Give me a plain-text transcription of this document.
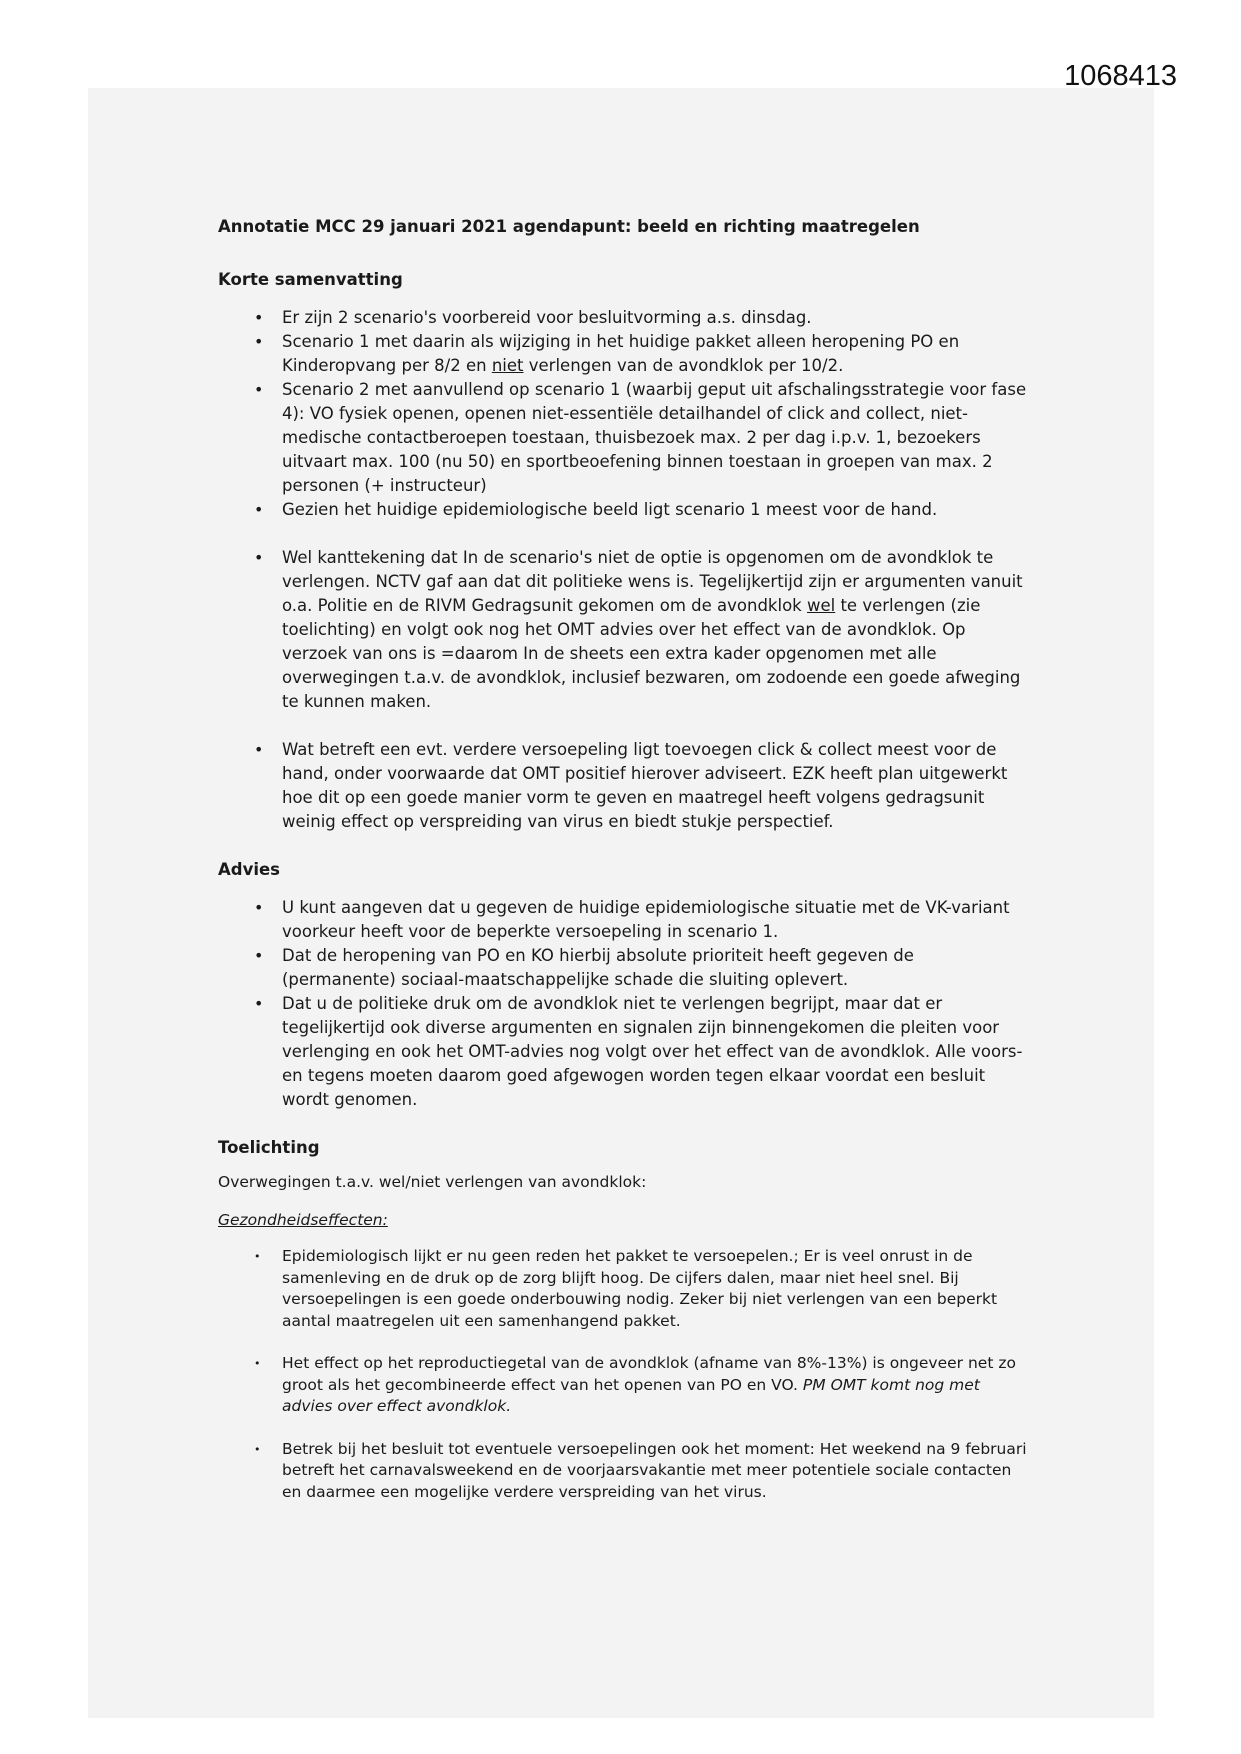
1068413
Annotatie MCC 29 januari 2021 agendapunt: beeld en richting maatregelen
Korte samenvatting
• Er zijn 2 scenario's voorbereid voor besluitvorming a.s. dinsdag.
• Scenario 1 met daarin als wijziging in het huidige pakket alleen heropening PO en Kinderopvang per 8/2 en niet verlengen van de avondklok per 10/2.
• Scenario 2 met aanvullend op scenario 1 (waarbij geput uit afschalingsstrategie voor fase 4): VO fysiek openen, openen niet-essentiële detailhandel of click and collect, niet-medische contactberoepen toestaan, thuisbezoek max. 2 per dag i.p.v. 1, bezoekers uitvaart max. 100 (nu 50) en sportbeoefening binnen toestaan in groepen van max. 2 personen (+ instructeur)
• Gezien het huidige epidemiologische beeld ligt scenario 1 meest voor de hand.
• Wel kanttekening dat In de scenario's niet de optie is opgenomen om de avondklok te verlengen. NCTV gaf aan dat dit politieke wens is. Tegelijkertijd zijn er argumenten vanuit o.a. Politie en de RIVM Gedragsunit gekomen om de avondklok wel te verlengen (zie toelichting) en volgt ook nog het OMT advies over het effect van de avondklok. Op verzoek van ons is =daarom In de sheets een extra kader opgenomen met alle overwegingen t.a.v. de avondklok, inclusief bezwaren, om zodoende een goede afweging te kunnen maken.
• Wat betreft een evt. verdere versoepeling ligt toevoegen click & collect meest voor de hand, onder voorwaarde dat OMT positief hierover adviseert. EZK heeft plan uitgewerkt hoe dit op een goede manier vorm te geven en maatregel heeft volgens gedragsunit weinig effect op verspreiding van virus en biedt stukje perspectief.
Advies
• U kunt aangeven dat u gegeven de huidige epidemiologische situatie met de VK-variant voorkeur heeft voor de beperkte versoepeling in scenario 1.
• Dat de heropening van PO en KO hierbij absolute prioriteit heeft gegeven de (permanente) sociaal-maatschappelijke schade die sluiting oplevert.
• Dat u de politieke druk om de avondklok niet te verlengen begrijpt, maar dat er tegelijkertijd ook diverse argumenten en signalen zijn binnengekomen die pleiten voor verlenging en ook het OMT-advies nog volgt over het effect van de avondklok. Alle voors- en tegens moeten daarom goed afgewogen worden tegen elkaar voordat een besluit wordt genomen.
Toelichting
Overwegingen t.a.v. wel/niet verlengen van avondklok:
Gezondheidseffecten:
• Epidemiologisch lijkt er nu geen reden het pakket te versoepelen.; Er is veel onrust in de samenleving en de druk op de zorg blijft hoog. De cijfers dalen, maar niet heel snel. Bij versoepelingen is een goede onderbouwing nodig. Zeker bij niet verlengen van een beperkt aantal maatregelen uit een samenhangend pakket.
• Het effect op het reproductiegetal van de avondklok (afname van 8%-13%) is ongeveer net zo groot als het gecombineerde effect van het openen van PO en VO. PM OMT komt nog met advies over effect avondklok.
• Betrek bij het besluit tot eventuele versoepelingen ook het moment: Het weekend na 9 februari betreft het carnavalsweekend en de voorjaarsvakantie met meer potentiele sociale contacten en daarmee een mogelijke verdere verspreiding van het virus.
